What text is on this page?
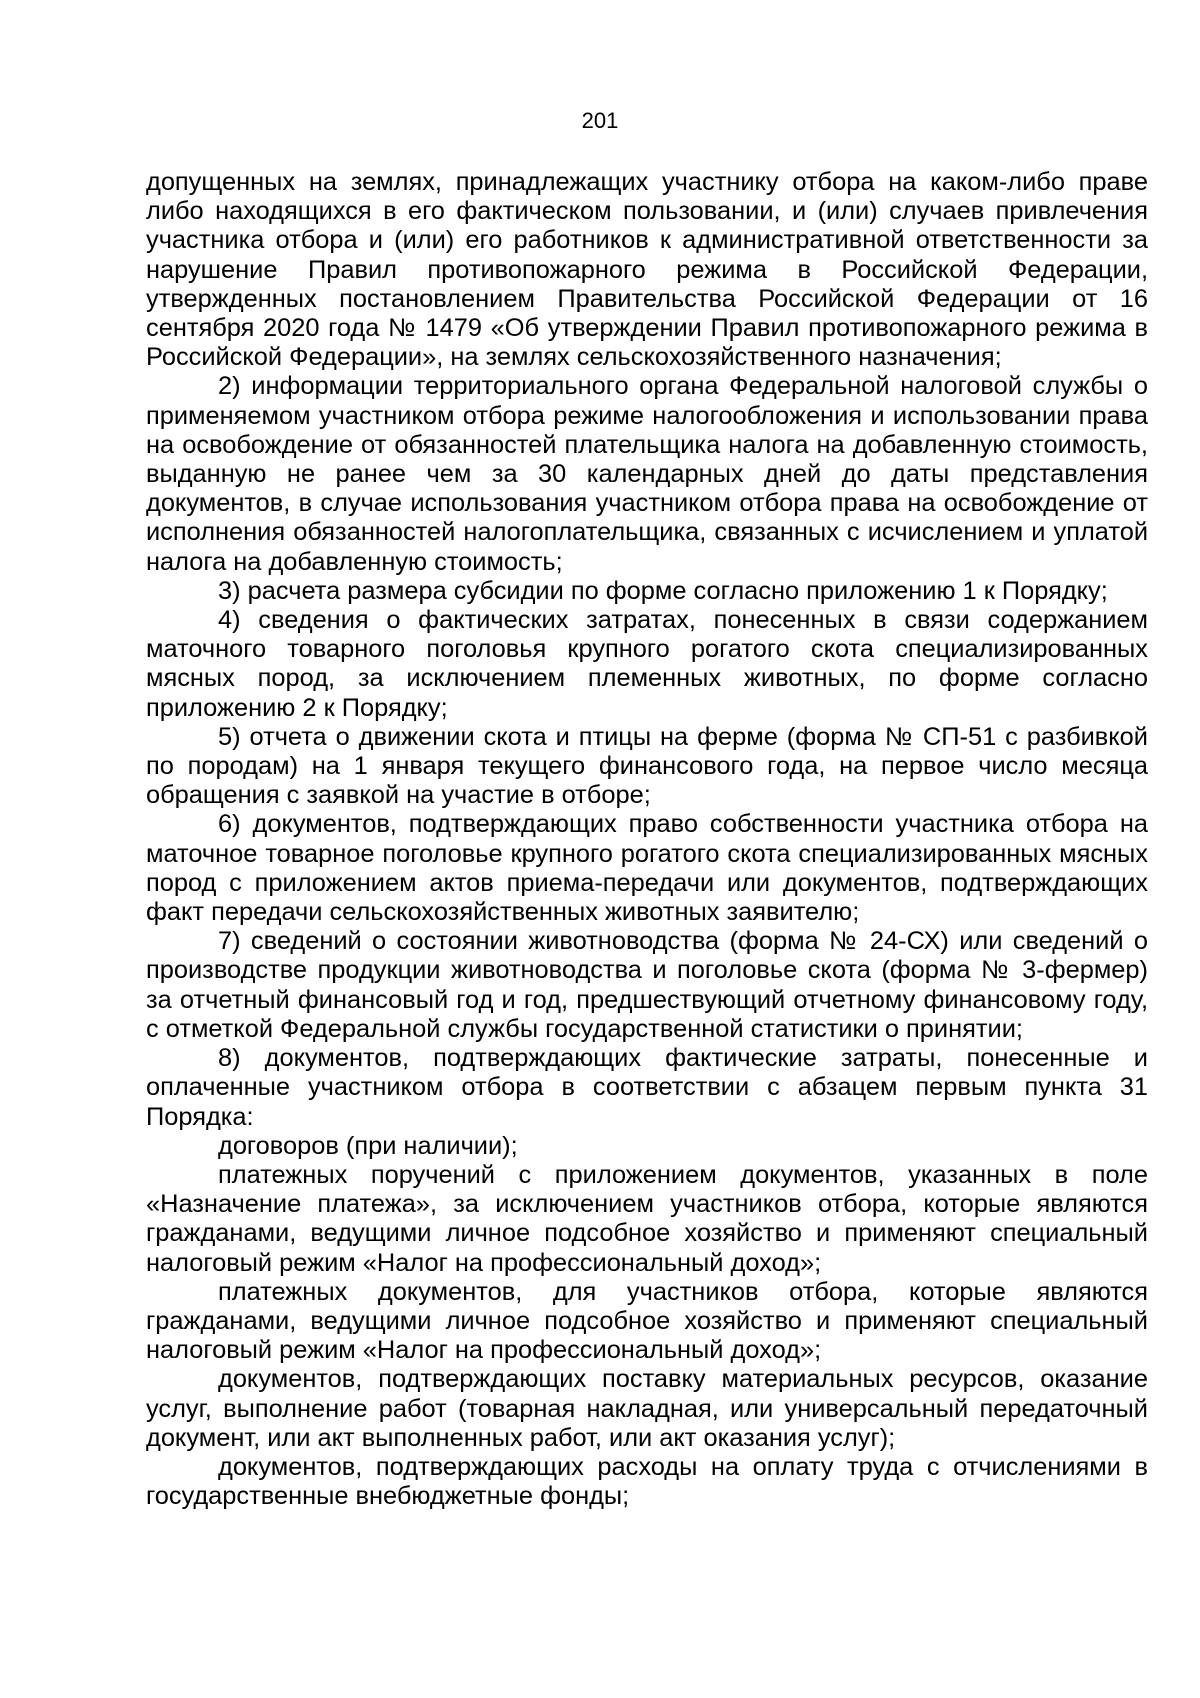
201

допущенных на землях, принадлежащих участнику отбора на каком-либо праве либо находящихся в его фактическом пользовании, и (или) случаев привлечения участника отбора и (или) его работников к административной ответственности за нарушение Правил противопожарного режима в Российской Федерации, утвержденных постановлением Правительства Российской Федерации от 16 сентября 2020 года № 1479 «Об утверждении Правил противопожарного режима в Российской Федерации», на землях сельскохозяйственного назначения;

2) информации территориального органа Федеральной налоговой службы о применяемом участником отбора режиме налогообложения и использовании права на освобождение от обязанностей плательщика налога на добавленную стоимость, выданную не ранее чем за 30 календарных дней до даты представления документов, в случае использования участником отбора права на освобождение от исполнения обязанностей налогоплательщика, связанных с исчислением и уплатой налога на добавленную стоимость;

3) расчета размера субсидии по форме согласно приложению 1 к Порядку;

4) сведения о фактических затратах, понесенных в связи содержанием маточного товарного поголовья крупного рогатого скота специализированных мясных пород, за исключением племенных животных, по форме согласно приложению 2 к Порядку;

5) отчета о движении скота и птицы на ферме (форма № СП-51 с разбивкой по породам) на 1 января текущего финансового года, на первое число месяца обращения с заявкой на участие в отборе;

6) документов, подтверждающих право собственности участника отбора на маточное товарное поголовье крупного рогатого скота специализированных мясных пород с приложением актов приема-передачи или документов, подтверждающих факт передачи сельскохозяйственных животных заявителю;

7) сведений о состоянии животноводства (форма № 24-СХ) или сведений о производстве продукции животноводства и поголовье скота (форма № 3-фермер) за отчетный финансовый год и год, предшествующий отчетному финансовому году, с отметкой Федеральной службы государственной статистики о принятии;

8) документов, подтверждающих фактические затраты, понесенные и оплаченные участником отбора в соответствии с абзацем первым пункта 31 Порядка:

договоров (при наличии);

платежных поручений с приложением документов, указанных в поле «Назначение платежа», за исключением участников отбора, которые являются гражданами, ведущими личное подсобное хозяйство и применяют специальный налоговый режим «Налог на профессиональный доход»;

платежных документов, для участников отбора, которые являются гражданами, ведущими личное подсобное хозяйство и применяют специальный налоговый режим «Налог на профессиональный доход»;

документов, подтверждающих поставку материальных ресурсов, оказание услуг, выполнение работ (товарная накладная, или универсальный передаточный документ, или акт выполненных работ, или акт оказания услуг);

документов, подтверждающих расходы на оплату труда с отчислениями в государственные внебюджетные фонды;
